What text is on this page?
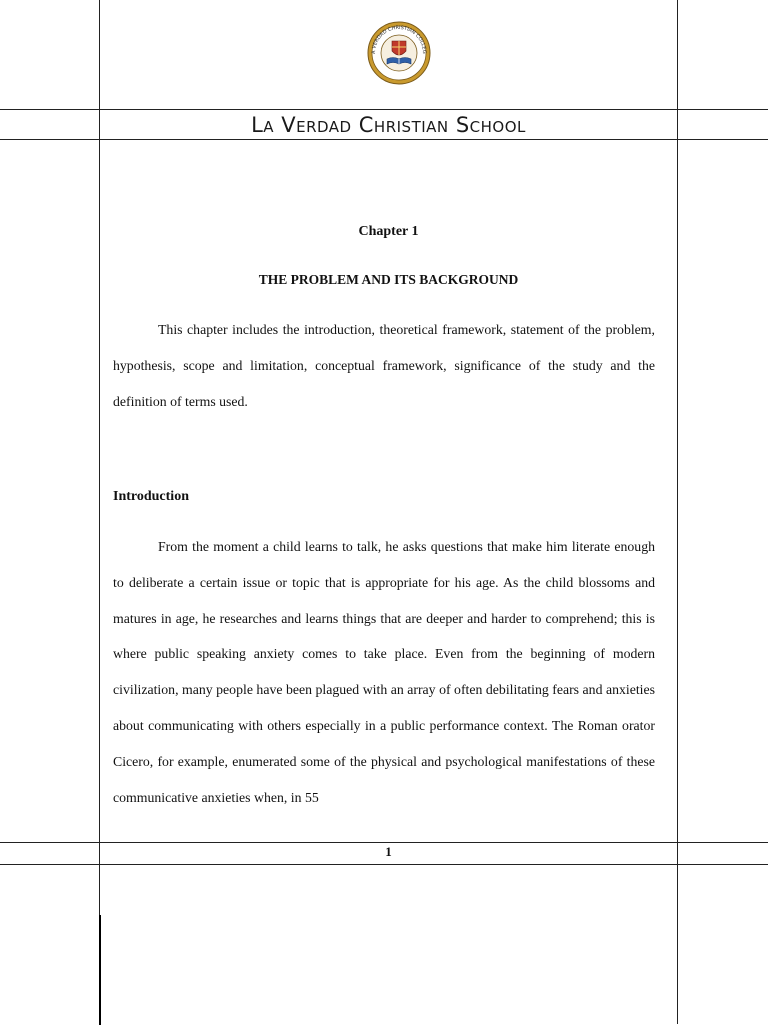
A VERDAD CHRISTIAN COLLEG
La Verdad Christian School
Chapter 1
THE PROBLEM AND ITS BACKGROUND

This chapter includes the introduction, theoretical framework, statement of the problem, hypothesis, scope and limitation, conceptual framework, significance of the study and the definition of terms used.

Introduction

From the moment a child learns to talk, he asks questions that make him literate enough to deliberate a certain issue or topic that is appropriate for his age. As the child blossoms and matures in age, he researches and learns things that are deeper and harder to comprehend; this is where public speaking anxiety comes to take place. Even from the beginning of modern civilization, many people have been plagued with an array of often debilitating fears and anxieties about communicating with others especially in a public performance context. The Roman orator Cicero, for example, enumerated some of the physical and psychological manifestations of these communicative anxieties when, in 55

1
